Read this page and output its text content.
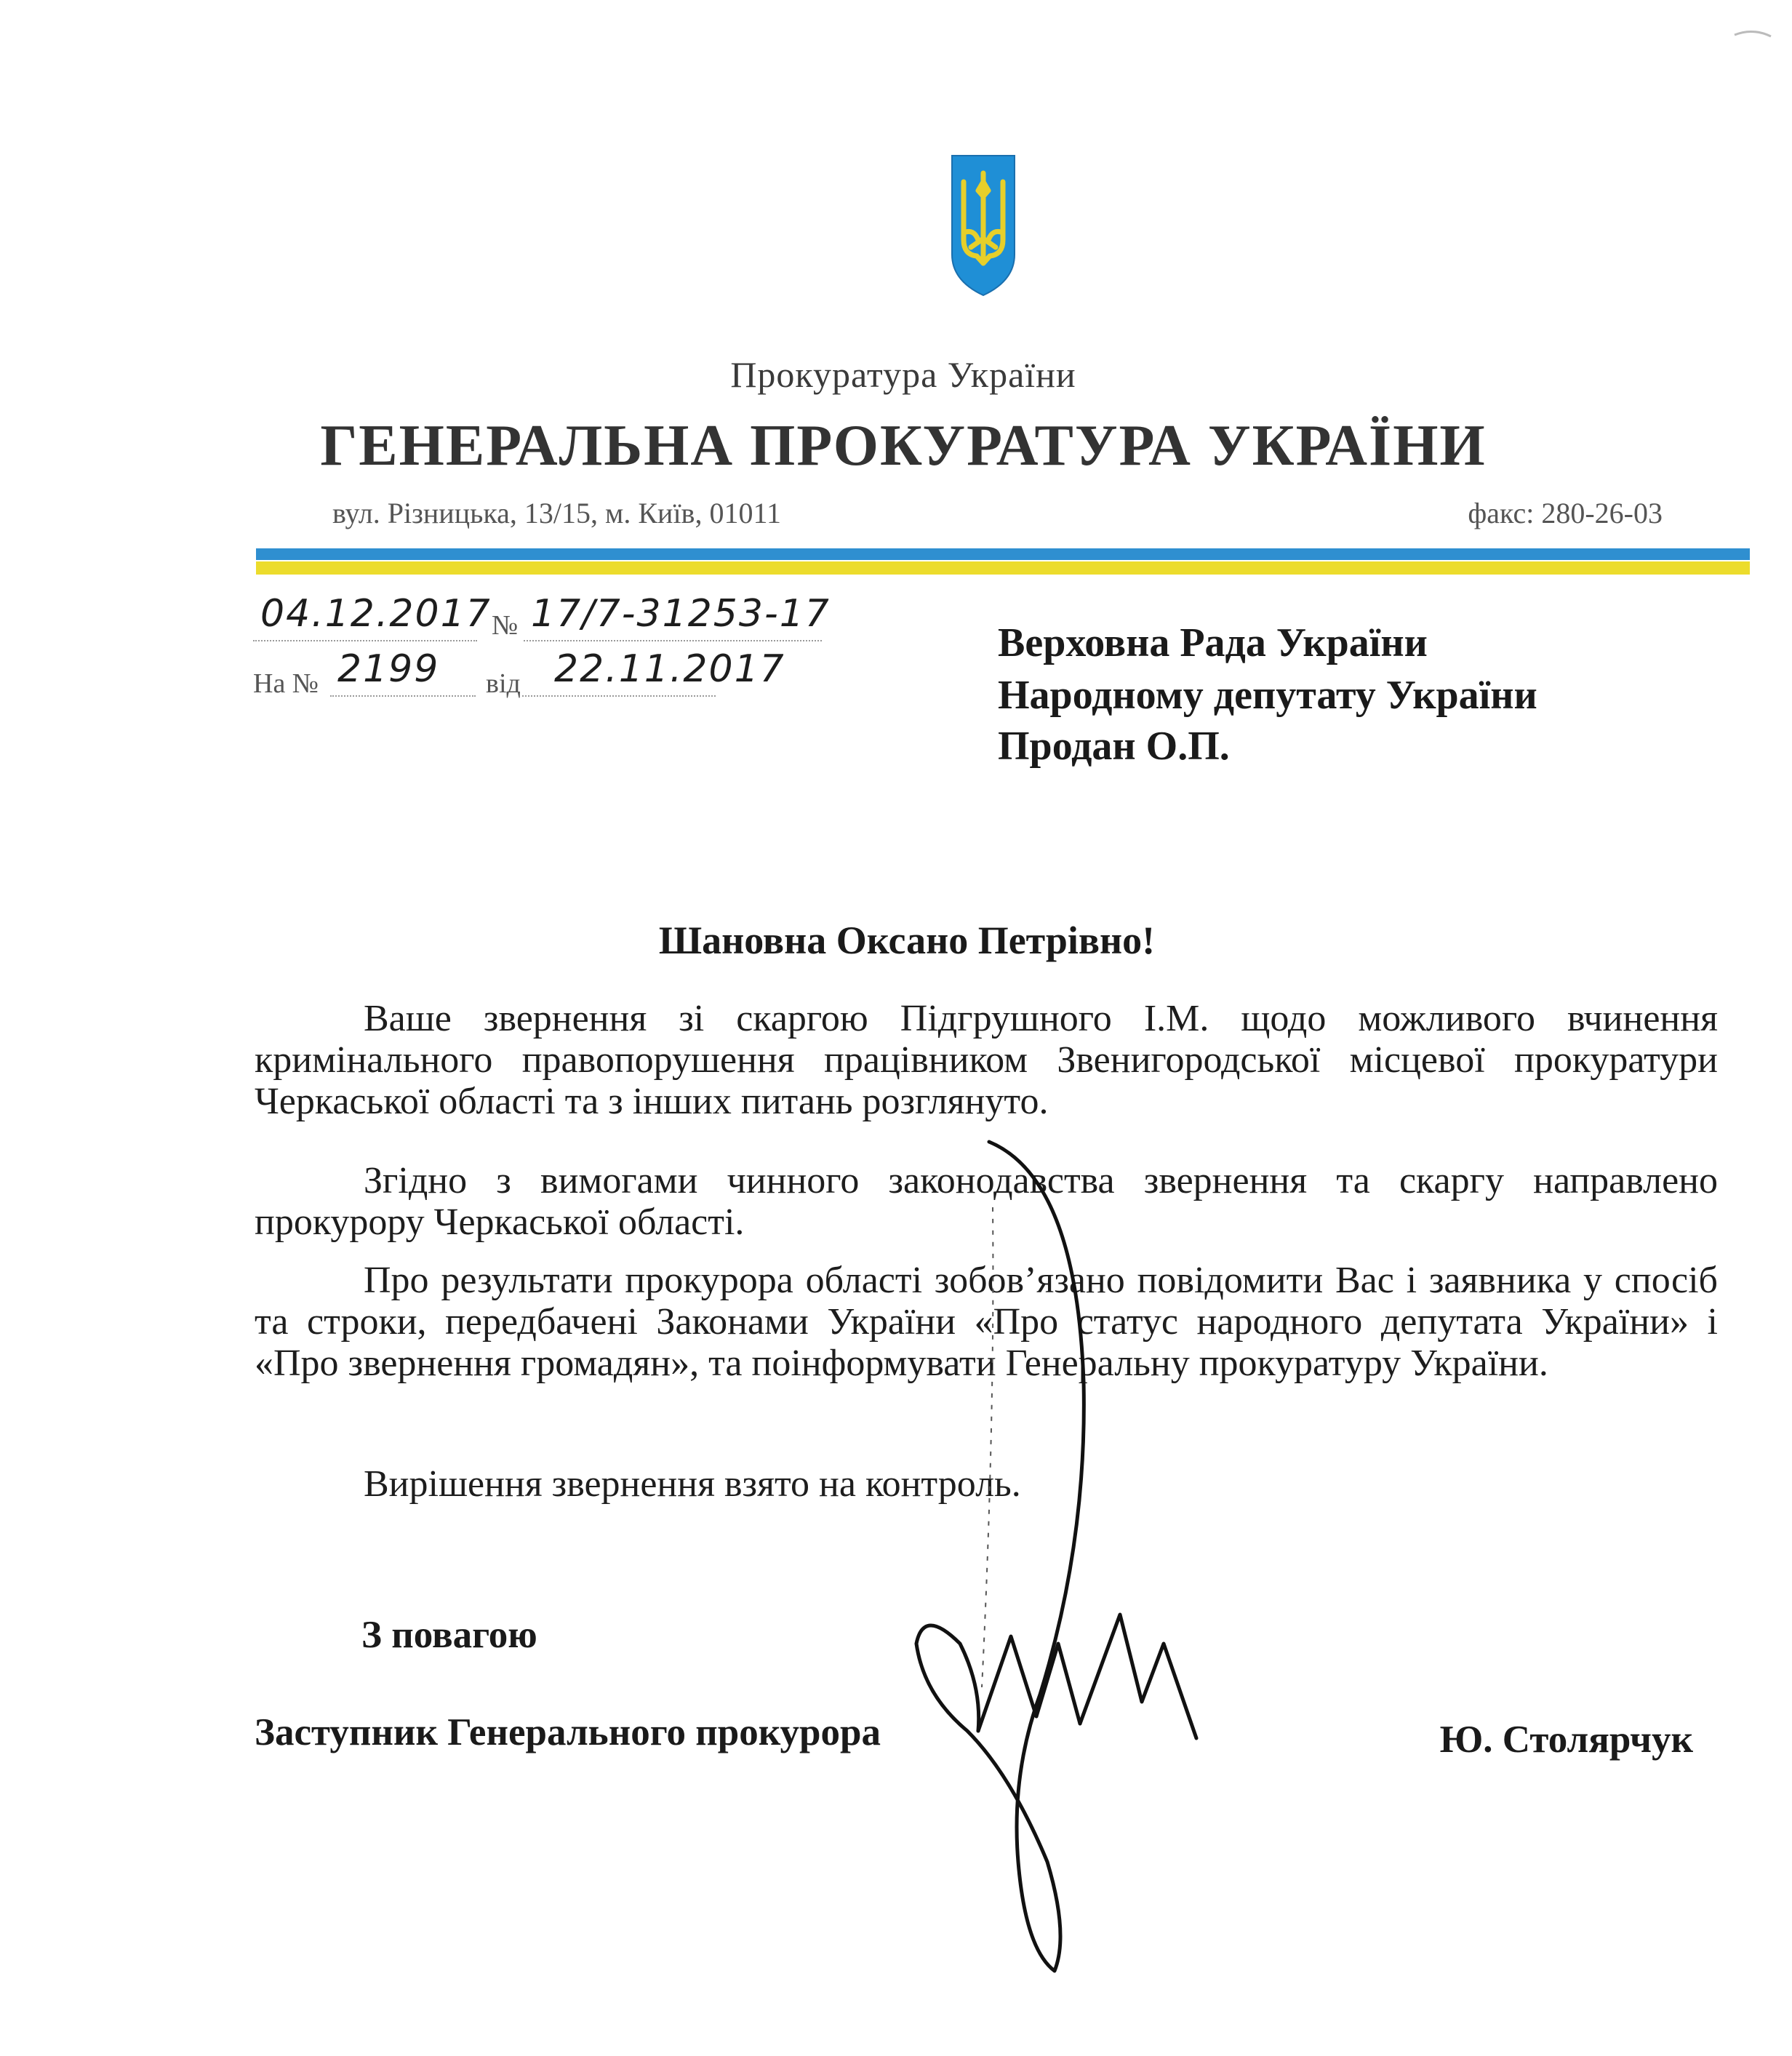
Прокуратура України
ГЕНЕРАЛЬНА ПРОКУРАТУРА УКРАЇНИ
вул. Різницька, 13/15, м. Київ, 01011	факс: 280-26-03
04.12.2017 № 17/7-31253-17
На № 2199 від 22.11.2017
Верховна Рада України
Народному депутату України
Продан О.П.
Шановна Оксано Петрівно!

Ваше звернення зі скаргою Підгрушного І.М. щодо можливого вчинення кримінального правопорушення працівником Звенигородської місцевої прокуратури Черкаської області та з інших питань розглянуто.

Згідно з вимогами чинного законодавства звернення та скаргу направлено прокурору Черкаської області.

Про результати прокурора області зобов’язано повідомити Вас і заявника у спосіб та строки, передбачені Законами України «Про статус народного депутата України» і «Про звернення громадян», та поінформувати Генеральну прокуратуру України.

Вирішення звернення взято на контроль.

З повагою
Заступник Генерального прокурора	Ю. Столярчук
